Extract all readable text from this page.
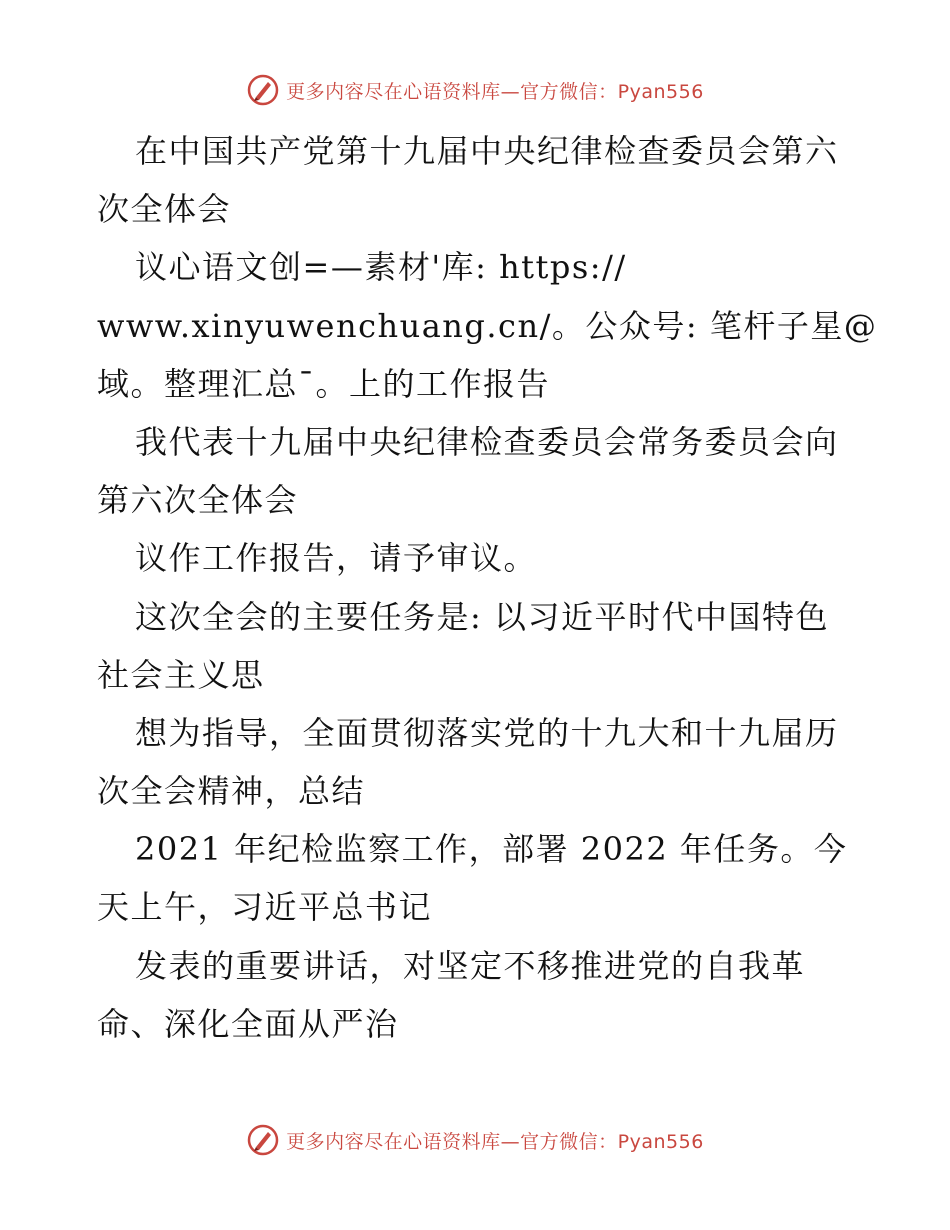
更多内容尽在心语资料库—官方微信：Pyan556
在中国共产党第十九届中央纪律检查委员会第六
次全体会
议心语文创=—素材'库: https://
www.xinyuwenchuang.cn/。公众号: 笔杆子星@
域。整理汇总¯。上的工作报告
我代表十九届中央纪律检查委员会常务委员会向
第六次全体会
议作工作报告，请予审议。
这次全会的主要任务是: 以习近平时代中国特色
社会主义思
想为指导，全面贯彻落实党的十九大和十九届历
次全会精神，总结
2021 年纪检监察工作，部署 2022 年任务。今
天上午，习近平总书记
发表的重要讲话，对坚定不移推进党的自我革
命、深化全面从严治
更多内容尽在心语资料库—官方微信：Pyan556
